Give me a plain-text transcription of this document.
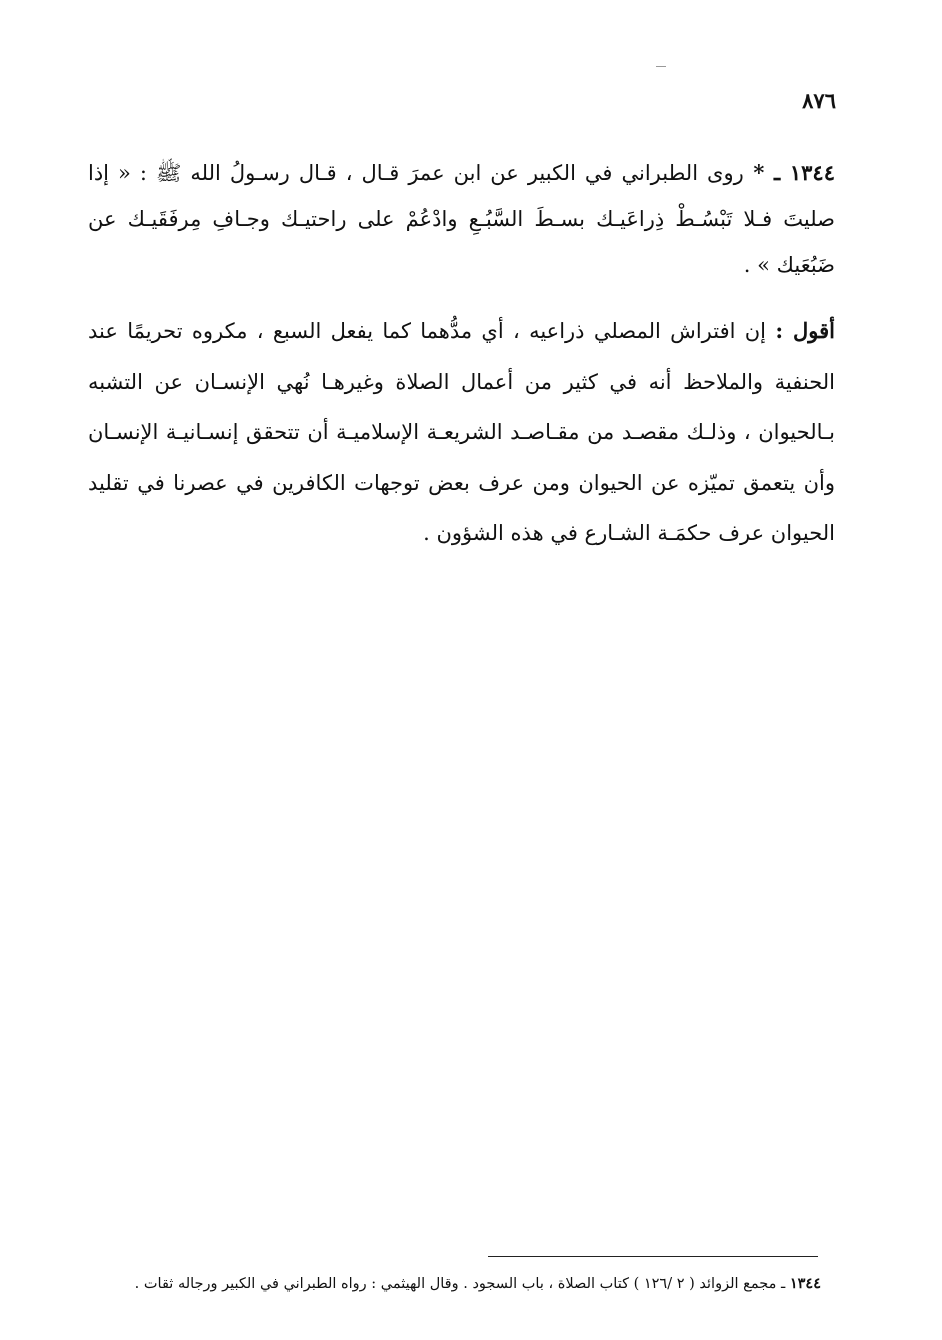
٨٧٦

١٣٤٤ ـ * روى الطبراني في الكبير عن ابن عمرَ قـال ، قـال رسـولُ الله ﷺ : « إذا صليتَ فـلا تَبْسُـطْ ذِراعَيـك بسـطَ السَّبُـعِ وادْعُمْ على راحتيـك وجـافِ مِرفَقَيـك عن ضَبُعَيك » .

أقول : إن افتراش المصلي ذراعيه ، أي مدُّهما كما يفعل السبع ، مكروه تحريمًا عند الحنفية والملاحظ أنه في كثير من أعمال الصلاة وغيرهـا نُهي الإنسـان عن التشبه بـالحيوان ، وذلـك مقصـد من مقـاصـد الشريعـة الإسلاميـة أن تتحقق إنسـانيـة الإنسـان وأن يتعمق تميّزه عن الحيوان ومن عرف بعض توجهات الكافرين في عصرنا في تقليد الحيوان عرف حكمَـة الشـارع في هذه الشؤون .

١٣٤٤ ـ مجمع الزوائد ( ٢ /١٢٦ ) كتاب الصلاة ، باب السجود . وقال الهيثمي : رواه الطبراني في الكبير ورجاله ثقات .
